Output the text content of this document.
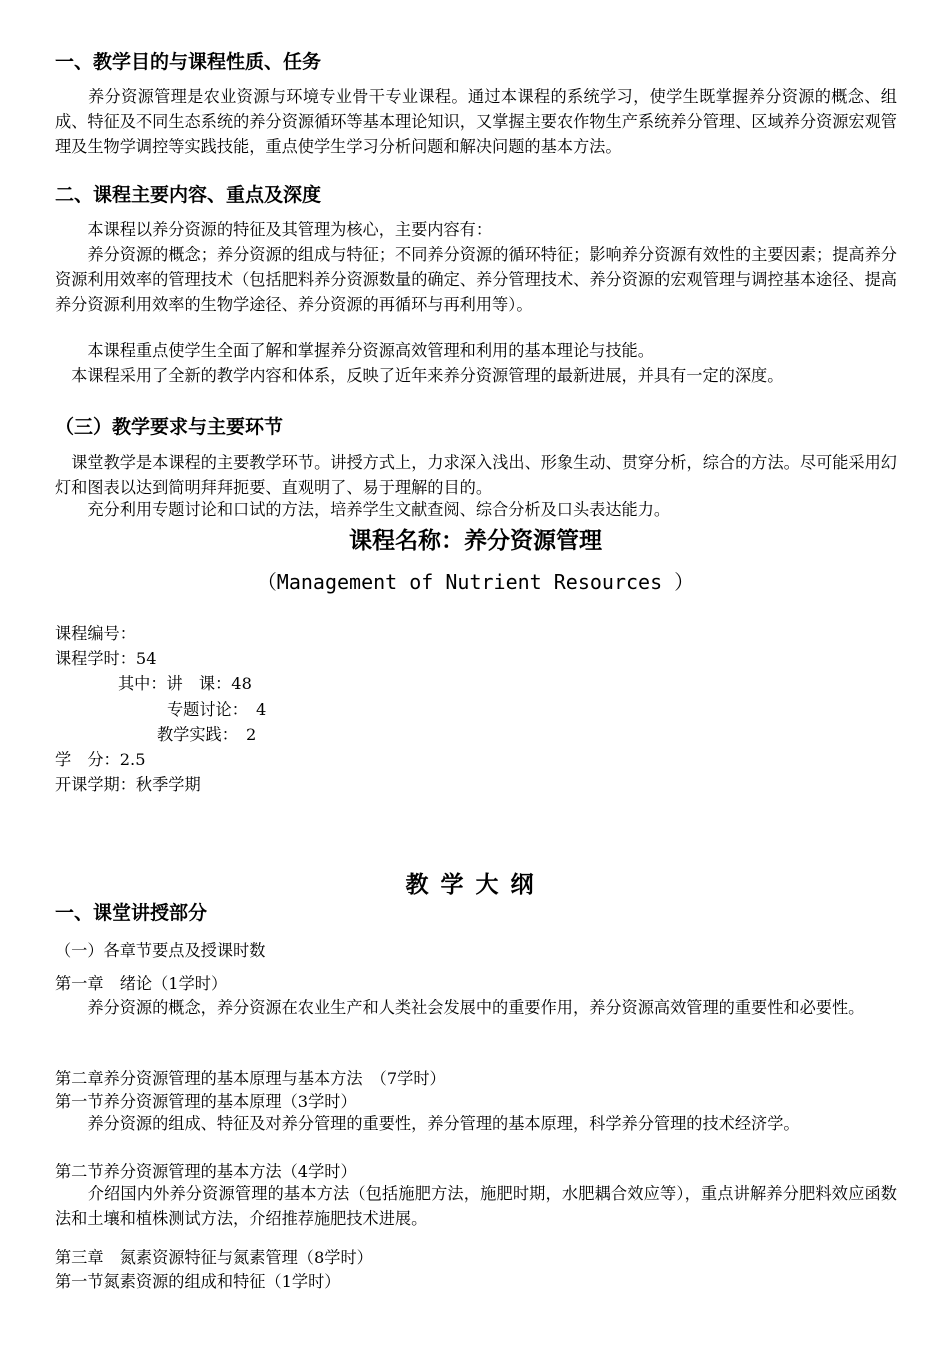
一、教学目的与课程性质、任务
　　养分资源管理是农业资源与环境专业骨干专业课程。通过本课程的系统学习，使学生既掌握养分资源的概念、组成、特征及不同生态系统的养分资源循环等基本理论知识，又掌握主要农作物生产系统养分管理、区域养分资源宏观管理及生物学调控等实践技能，重点使学生学习分析问题和解决问题的基本方法。
二、课程主要内容、重点及深度
　　本课程以养分资源的特征及其管理为核心，主要内容有：
　　养分资源的概念；养分资源的组成与特征；不同养分资源的循环特征；影响养分资源有效性的主要因素；提高养分资源利用效率的管理技术（包括肥料养分资源数量的确定、养分管理技术、养分资源的宏观管理与调控基本途径、提高养分资源利用效率的生物学途径、养分资源的再循环与再利用等）。
　　本课程重点使学生全面了解和掌握养分资源高效管理和利用的基本理论与技能。
　本课程采用了全新的教学内容和体系，反映了近年来养分资源管理的最新进展，并具有一定的深度。
（三）教学要求与主要环节
　课堂教学是本课程的主要教学环节。讲授方式上，力求深入浅出、形象生动、贯穿分析，综合的方法。尽可能采用幻灯和图表以达到简明拜拜扼要、直观明了、易于理解的目的。
　　充分利用专题讨论和口试的方法，培养学生文献查阅、综合分析及口头表达能力。
课程名称：养分资源管理
（Management of Nutrient Resources ）
课程编号：
课程学时：54
其中：讲　课：48
专题讨论：　4
教学实践：　2
学　分：2.5
开课学期：秋季学期
教学大纲
一、课堂讲授部分
（一）各章节要点及授课时数
第一章　绪论（1学时）
　　养分资源的概念，养分资源在农业生产和人类社会发展中的重要作用，养分资源高效管理的重要性和必要性。
第二章养分资源管理的基本原理与基本方法　（7学时）
第一节养分资源管理的基本原理（3学时）
　　养分资源的组成、特征及对养分管理的重要性，养分管理的基本原理，科学养分管理的技术经济学。
第二节养分资源管理的基本方法（4学时）
　　介绍国内外养分资源管理的基本方法（包括施肥方法，施肥时期，水肥耦合效应等），重点讲解养分肥料效应函数法和土壤和植株测试方法，介绍推荐施肥技术进展。
第三章　氮素资源特征与氮素管理（8学时）
第一节氮素资源的组成和特征（1学时）
